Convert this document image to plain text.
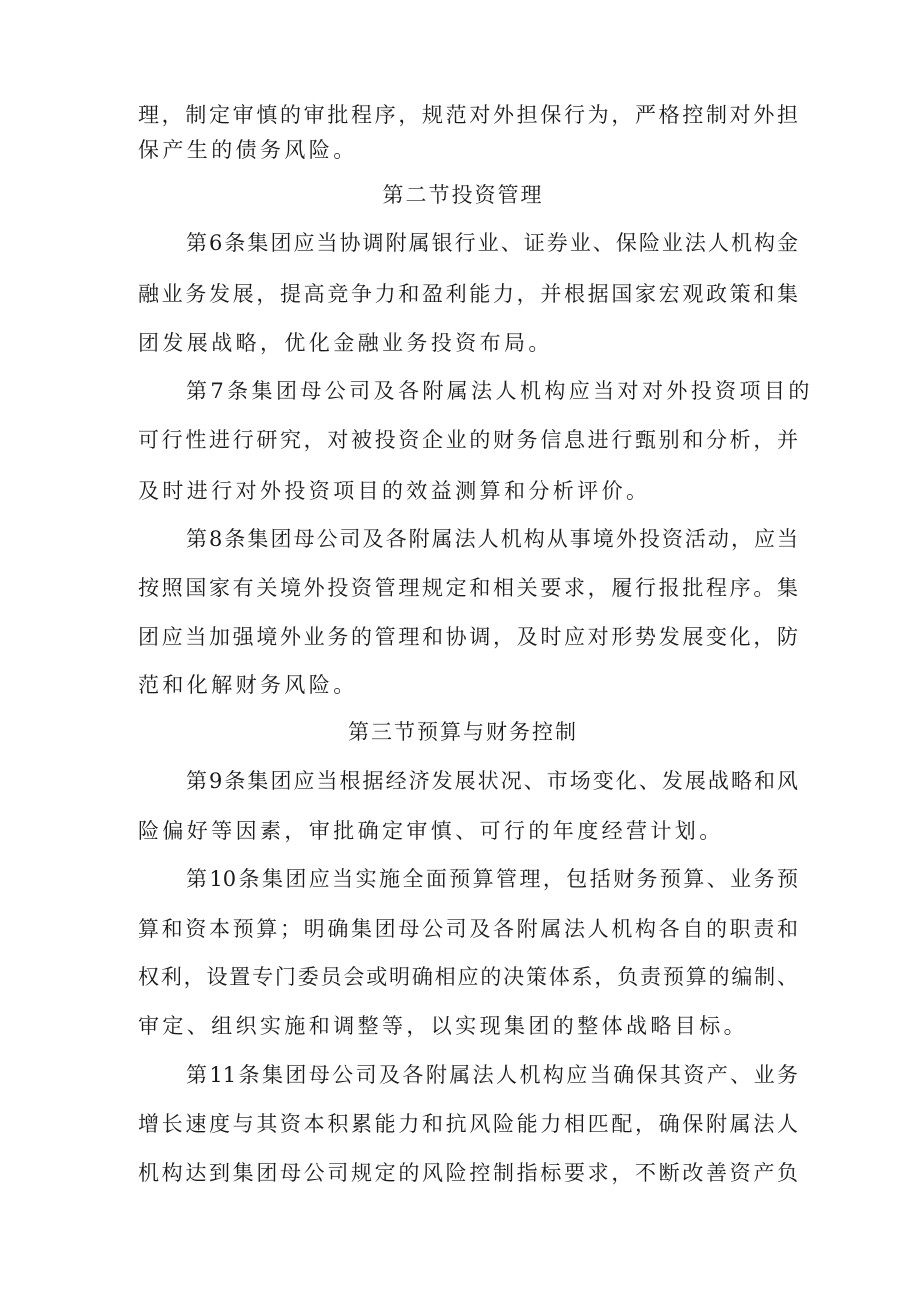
理，制定审慎的审批程序，规范对外担保行为，严格控制对外担
保产生的债务风险。
第二节投资管理
第6条集团应当协调附属银行业、证券业、保险业法人机构金
融业务发展，提高竞争力和盈利能力，并根据国家宏观政策和集
团发展战略，优化金融业务投资布局。
第7条集团母公司及各附属法人机构应当对对外投资项目的
可行性进行研究，对被投资企业的财务信息进行甄别和分析，并
及时进行对外投资项目的效益测算和分析评价。
第8条集团母公司及各附属法人机构从事境外投资活动，应当
按照国家有关境外投资管理规定和相关要求，履行报批程序。集
团应当加强境外业务的管理和协调，及时应对形势发展变化，防
范和化解财务风险。
第三节预算与财务控制
第9条集团应当根据经济发展状况、市场变化、发展战略和风
险偏好等因素，审批确定审慎、可行的年度经营计划。
第10条集团应当实施全面预算管理，包括财务预算、业务预
算和资本预算；明确集团母公司及各附属法人机构各自的职责和
权利，设置专门委员会或明确相应的决策体系，负责预算的编制、
审定、组织实施和调整等，以实现集团的整体战略目标。
第11条集团母公司及各附属法人机构应当确保其资产、业务
增长速度与其资本积累能力和抗风险能力相匹配，确保附属法人
机构达到集团母公司规定的风险控制指标要求，不断改善资产负
